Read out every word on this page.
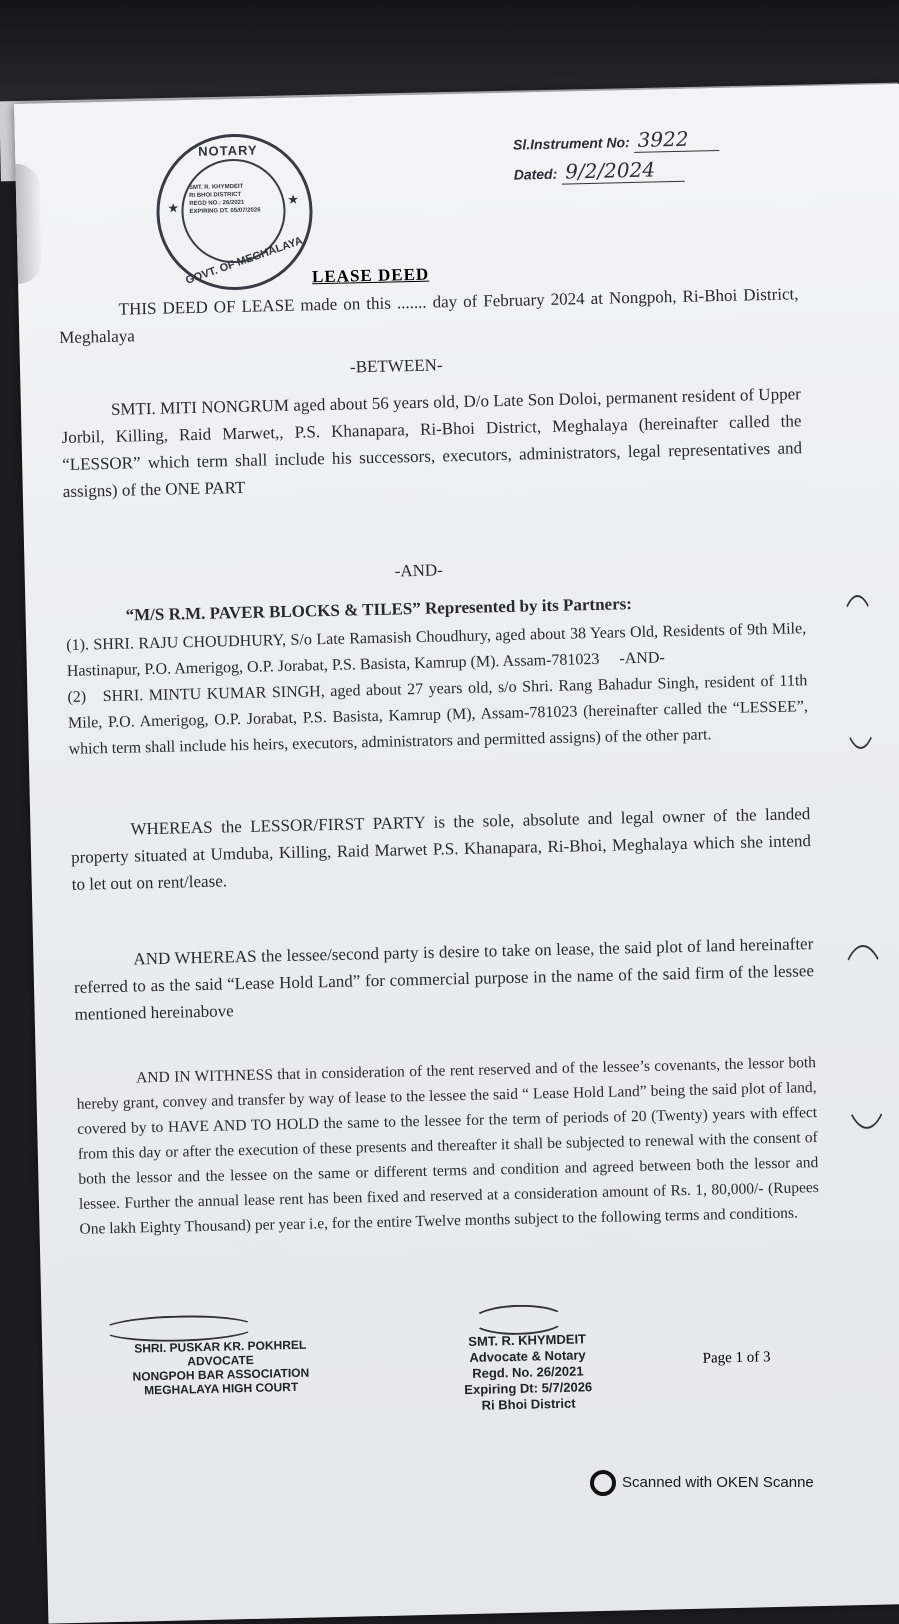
NOTARY
★
★
SMT. R. KHYMDEIT
RI BHOI DISTRICT
REGD NO.: 26/2021
EXPIRING DT. 05/07/2026
GOVT. OF MEGHALAYA
Sl.Instrument No: 3922
Dated: 9/2/2024
LEASE DEED
THIS DEED OF LEASE made on this ....... day of February 2024 at Nongpoh, Ri-Bhoi District, Meghalaya
-BETWEEN-
SMTI. MITI NONGRUM aged about 56 years old, D/o Late Son Doloi, permanent resident of Upper Jorbil, Killing, Raid Marwet,, P.S. Khanapara, Ri-Bhoi District, Meghalaya (hereinafter called the “LESSOR” which term shall include his successors, executors, administrators, legal representatives and assigns) of the ONE PART
-AND-
“M/S R.M. PAVER BLOCKS & TILES” Represented by its Partners:
(1). SHRI. RAJU CHOUDHURY, S/o Late Ramasish Choudhury, aged about 38 Years Old, Residents of 9th Mile, Hastinapur, P.O. Amerigog, O.P. Jorabat, P.S. Basista, Kamrup (M). Assam-781023     -AND-
(2)   SHRI. MINTU KUMAR SINGH, aged about 27 years old, s/o Shri. Rang Bahadur Singh, resident of 11th Mile, P.O. Amerigog, O.P. Jorabat, P.S. Basista, Kamrup (M), Assam-781023 (hereinafter called the “LESSEE”, which term shall include his heirs, executors, administrators and permitted assigns) of the other part.
WHEREAS the LESSOR/FIRST PARTY is the sole, absolute and legal owner of the landed property situated at Umduba, Killing, Raid Marwet P.S. Khanapara, Ri-Bhoi, Meghalaya which she intend to let out on rent/lease.
AND WHEREAS the lessee/second party is desire to take on lease, the said plot of land hereinafter referred to as the said “Lease Hold Land” for commercial purpose in the name of the said firm of the lessee mentioned hereinabove
AND IN WITHNESS that in consideration of the rent reserved and of the lessee’s covenants, the lessor both hereby grant, convey and transfer by way of lease to the lessee the said “ Lease Hold Land” being the said plot of land, covered by to HAVE AND TO HOLD the same to the lessee for the term of periods of 20 (Twenty) years with effect from this day or after the execution of these presents and thereafter it shall be subjected to renewal with the consent of both the lessor and the lessee on the same or different terms and condition and agreed between both the lessor and lessee. Further the annual lease rent has been fixed and reserved at a consideration amount of Rs. 1, 80,000/- (Rupees One lakh Eighty Thousand) per year i.e, for the entire Twelve months subject to the following terms and conditions.
SHRI. PUSKAR KR. POKHREL
ADVOCATE
NONGPOH BAR ASSOCIATION
MEGHALAYA HIGH COURT
SMT. R. KHYMDEIT
Advocate & Notary
Regd. No. 26/2021
Expiring Dt: 5/7/2026
Ri Bhoi District
Page 1 of 3
Scanned with OKEN Scanne
